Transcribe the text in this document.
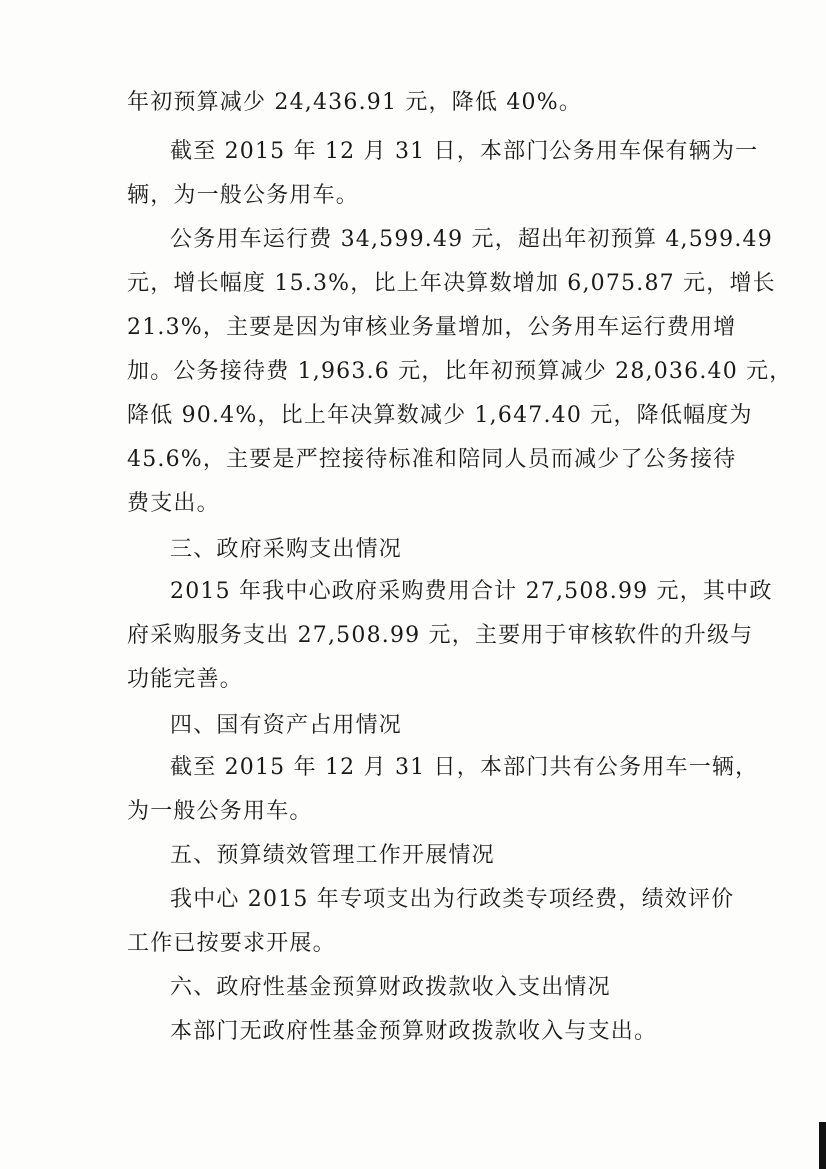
年初预算减少 24,436.91 元，降低 40%。
截至 2015 年 12 月 31 日，本部门公务用车保有辆为一
辆，为一般公务用车。
公务用车运行费 34,599.49 元，超出年初预算 4,599.49
元，增长幅度 15.3%，比上年决算数增加 6,075.87 元，增长
21.3%，主要是因为审核业务量增加，公务用车运行费用增
加。公务接待费 1,963.6 元，比年初预算减少 28,036.40 元，
降低 90.4%，比上年决算数减少 1,647.40 元，降低幅度为
45.6%，主要是严控接待标准和陪同人员而减少了公务接待
费支出。
三、政府采购支出情况
2015 年我中心政府采购费用合计 27,508.99 元，其中政
府采购服务支出 27,508.99 元，主要用于审核软件的升级与
功能完善。
四、国有资产占用情况
截至 2015 年 12 月 31 日，本部门共有公务用车一辆，
为一般公务用车。
五、预算绩效管理工作开展情况
我中心 2015 年专项支出为行政类专项经费，绩效评价
工作已按要求开展。
六、政府性基金预算财政拨款收入支出情况
本部门无政府性基金预算财政拨款收入与支出。
